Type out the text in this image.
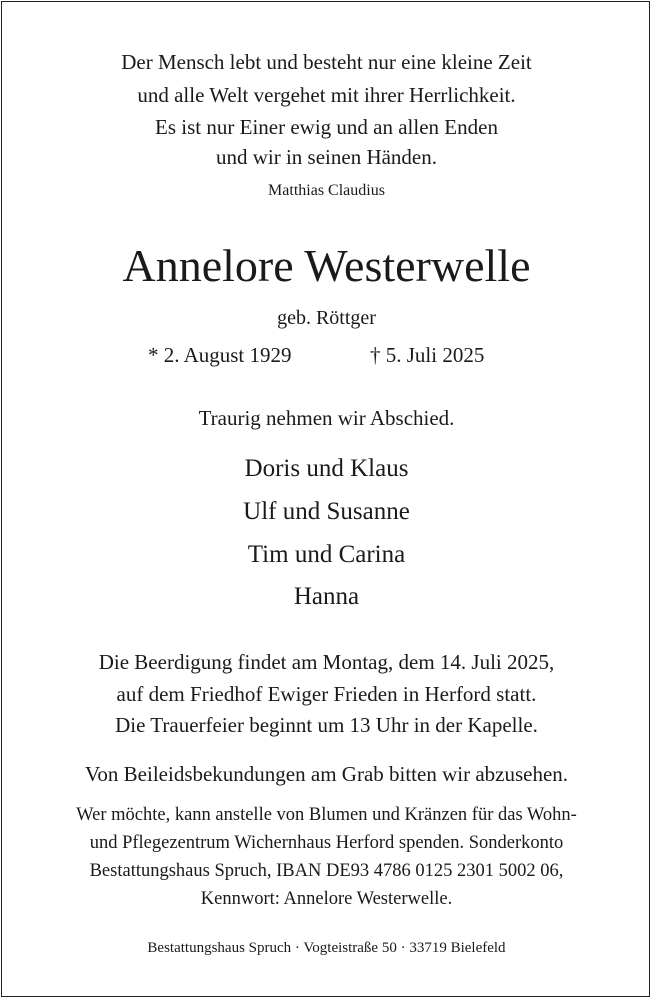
Der Mensch lebt und besteht nur eine kleine Zeit

und alle Welt vergehet mit ihrer Herrlichkeit.

Es ist nur Einer ewig und an allen Enden

und wir in seinen Händen.

Matthias Claudius

Annelore Westerwelle

geb. Röttger

* 2. August 1929	† 5. Juli 2025

Traurig nehmen wir Abschied.

Doris und Klaus

Ulf und Susanne

Tim und Carina

Hanna

Die Beerdigung findet am Montag, dem 14. Juli 2025,

auf dem Friedhof Ewiger Frieden in Herford statt.

Die Trauerfeier beginnt um 13 Uhr in der Kapelle.

Von Beileidsbekundungen am Grab bitten wir abzusehen.

Wer möchte, kann anstelle von Blumen und Kränzen für das Wohn-

und Pflegezentrum Wichernhaus Herford spenden. Sonderkonto

Bestattungshaus Spruch, IBAN DE93 4786 0125 2301 5002 06,

Kennwort: Annelore Westerwelle.

Bestattungshaus Spruch · Vogteistraße 50 · 33719 Bielefeld
